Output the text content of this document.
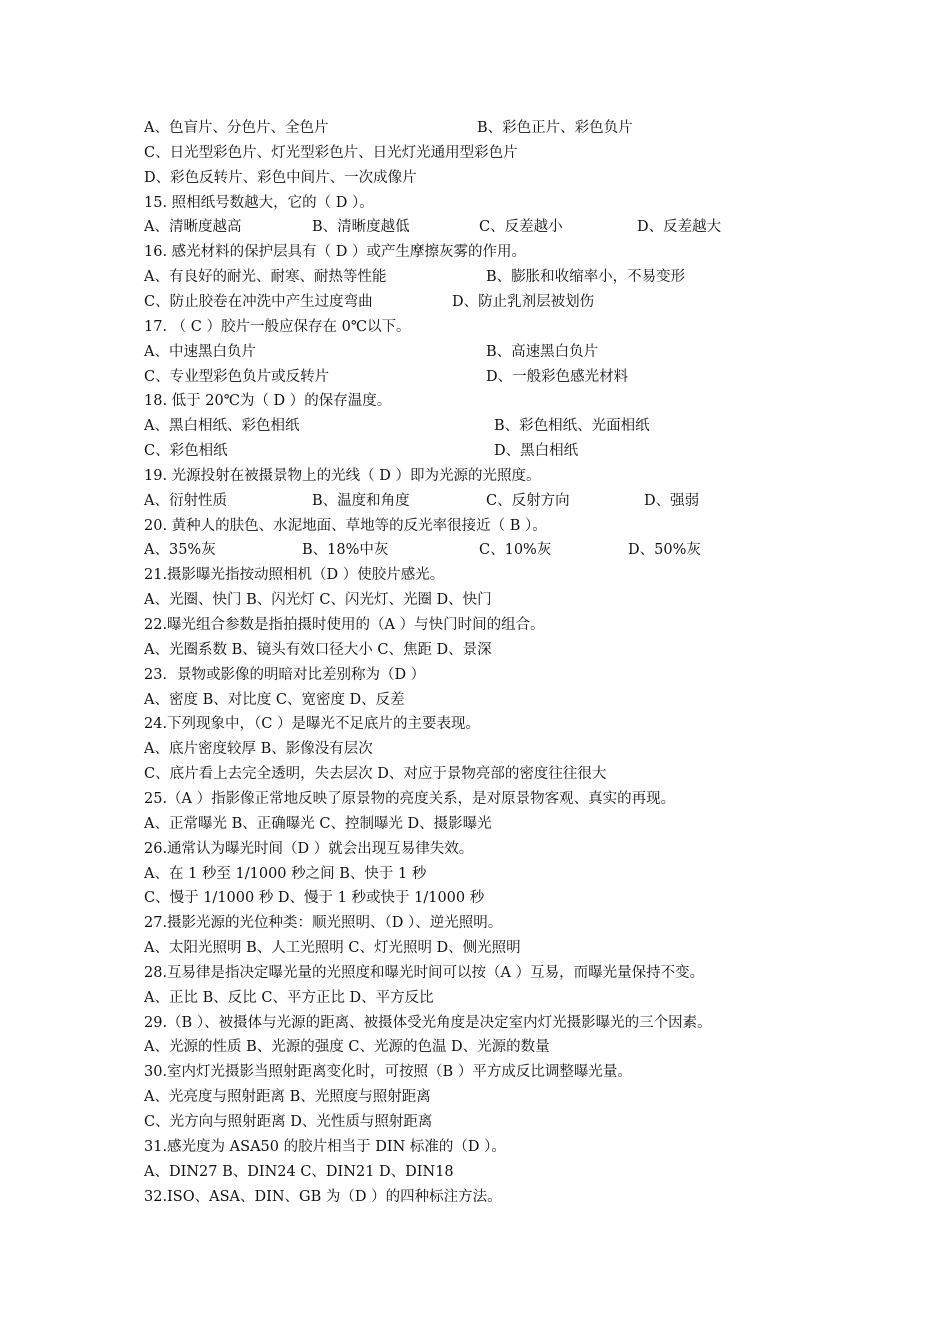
A、色盲片、分色片、全色片	B、彩色正片、彩色负片
C、日光型彩色片、灯光型彩色片、日光灯光通用型彩色片
D、彩色反转片、彩色中间片、一次成像片
15. 照相纸号数越大，它的（ D ）。
A、清晰度越高	B、清晰度越低	C、反差越小	D、反差越大
16. 感光材料的保护层具有（ D ）或产生摩擦灰雾的作用。
A、有良好的耐光、耐寒、耐热等性能	B、膨胀和收缩率小，不易变形
C、防止胶卷在冲洗中产生过度弯曲	D、防止乳剂层被划伤
17. （ C ）胶片一般应保存在 0℃以下。
A、中速黑白负片	B、高速黑白负片
C、专业型彩色负片或反转片	D、一般彩色感光材料
18. 低于 20℃为（ D ）的保存温度。
A、黑白相纸、彩色相纸	B、彩色相纸、光面相纸
C、彩色相纸	D、黑白相纸
19. 光源投射在被摄景物上的光线（ D ）即为光源的光照度。
A、衍射性质	B、温度和角度	C、反射方向	D、强弱
20. 黄种人的肤色、水泥地面、草地等的反光率很接近（ B ）。
A、35%灰	B、18%中灰	C、10%灰	D、50%灰
21.摄影曝光指按动照相机（D ）使胶片感光。
A、光圈、快门 B、闪光灯 C、闪光灯、光圈 D、快门
22.曝光组合参数是指拍摄时使用的（A ）与快门时间的组合。
A、光圈系数 B、镜头有效口径大小 C、焦距 D、景深
23．景物或影像的明暗对比差别称为（D ）
A、密度 B、对比度 C、宽密度 D、反差
24.下列现象中，（C ）是曝光不足底片的主要表现。
A、底片密度较厚 B、影像没有层次
C、底片看上去完全透明，失去层次 D、对应于景物亮部的密度往往很大
25.（A ）指影像正常地反映了原景物的亮度关系，是对原景物客观、真实的再现。
A、正常曝光 B、正确曝光 C、控制曝光 D、摄影曝光
26.通常认为曝光时间（D ）就会出现互易律失效。
A、在 1 秒至 1/1000 秒之间 B、快于 1 秒
C、慢于 1/1000 秒 D、慢于 1 秒或快于 1/1000 秒
27.摄影光源的光位种类：顺光照明、（D ）、逆光照明。
A、太阳光照明 B、人工光照明 C、灯光照明 D、侧光照明
28.互易律是指决定曝光量的光照度和曝光时间可以按（A ）互易，而曝光量保持不变。
A、正比 B、反比 C、平方正比 D、平方反比
29.（B ）、被摄体与光源的距离、被摄体受光角度是决定室内灯光摄影曝光的三个因素。
A、光源的性质 B、光源的强度 C、光源的色温 D、光源的数量
30.室内灯光摄影当照射距离变化时，可按照（B ）平方成反比调整曝光量。
A、光亮度与照射距离 B、光照度与照射距离
C、光方向与照射距离 D、光性质与照射距离
31.感光度为 ASA50 的胶片相当于 DIN 标准的（D ）。
A、DIN27 B、DIN24 C、DIN21 D、DIN18
32.ISO、ASA、DIN、GB 为（D ）的四种标注方法。
